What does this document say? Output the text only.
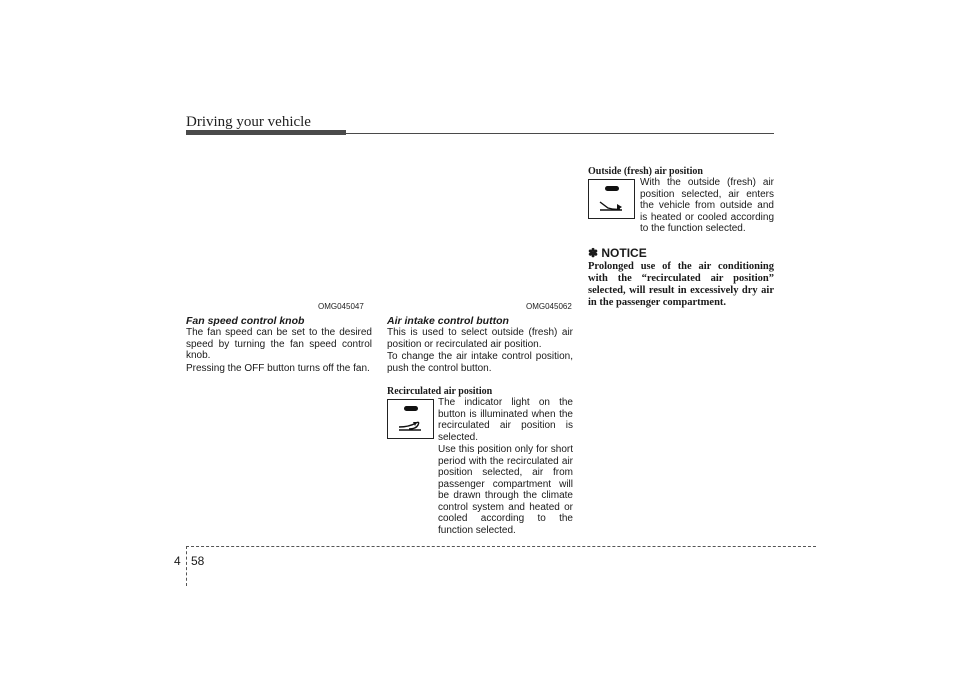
Driving your vehicle
OMG045047
Fan speed control knob

The fan speed can be set to the desired speed by turning the fan speed control knob.

Pressing the OFF button turns off the fan.

OMG045062
Air intake control button

This is used to select outside (fresh) air position or recirculated air position.

To change the air intake control position, push the control button.

Recirculated air position

The indicator light on the button is illuminated when the recirculated air position is selected.

Use this position only for short period with the recirculated air position selected, air from passenger compartment will be drawn through the climate control system and heated or cooled according to the function selected.

Outside (fresh) air position

With the outside (fresh) air position selected, air enters the vehicle from outside and is heated or cooled according to the function selected.

✽ NOTICE

Prolonged use of the air conditioning with the “recirculated air position” selected, will result in excessively dry air in the passenger compartment.

4 58
